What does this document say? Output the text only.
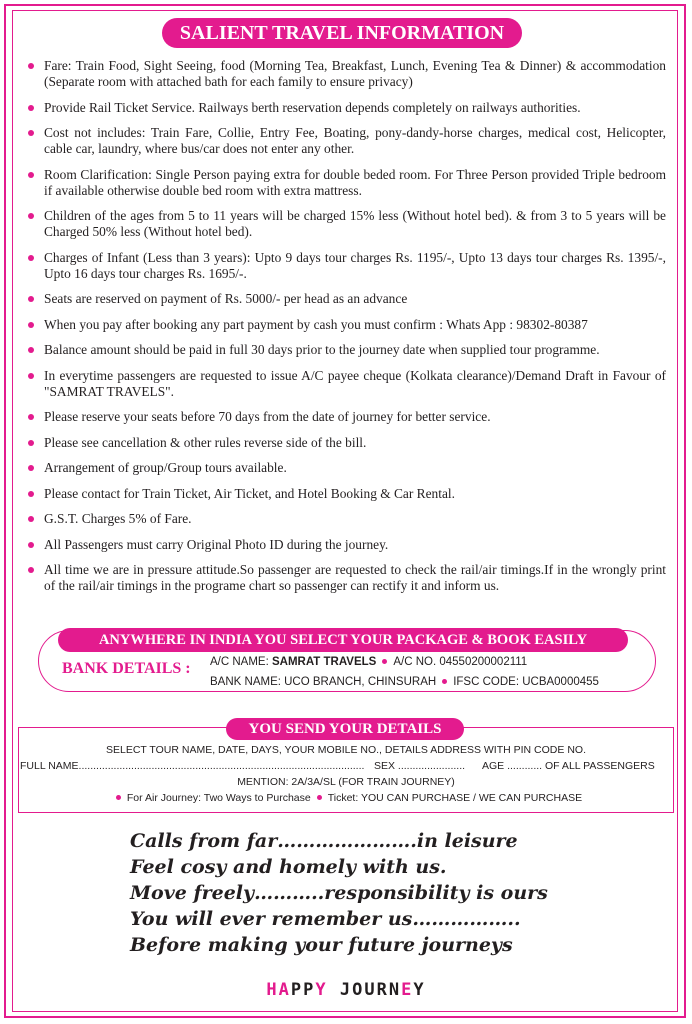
SALIENT TRAVEL INFORMATION
Fare: Train Food, Sight Seeing, food (Morning Tea, Breakfast, Lunch, Evening Tea & Dinner) & accommodation (Separate room with attached bath for each family to ensure privacy)
Provide Rail Ticket Service. Railways berth reservation depends completely on railways authorities.
Cost not includes: Train Fare, Collie, Entry Fee, Boating, pony-dandy-horse charges, medical cost, Helicopter, cable car, laundry, where bus/car does not enter any other.
Room Clarification: Single Person paying extra for double beded room. For Three Person provided Triple bedroom if available otherwise double bed room with extra mattress.
Children of the ages from 5 to 11 years will be charged 15% less (Without hotel bed). & from 3 to 5 years will be Charged 50% less (Without hotel bed).
Charges of Infant (Less than 3 years): Upto 9 days tour charges Rs. 1195/-, Upto 13 days tour charges Rs. 1395/-, Upto 16 days tour charges Rs. 1695/-.
Seats are reserved on payment of Rs. 5000/- per head as an advance
When you pay after booking any part payment by cash you must confirm : Whats App : 98302-80387
Balance amount should be paid in full 30 days prior to the journey date when supplied tour programme.
In everytime passengers are requested to issue A/C payee cheque (Kolkata clearance)/Demand Draft in Favour of "SAMRAT TRAVELS".
Please reserve your seats before 70 days from the date of journey for better service.
Please see cancellation & other rules reverse side of the bill.
Arrangement of group/Group tours available.
Please contact for Train Ticket, Air Ticket, and Hotel Booking & Car Rental.
G.S.T. Charges 5% of Fare.
All Passengers must carry Original Photo ID during the journey.
All time we are in pressure attitude.So passenger are requested to check the rail/air timings.If in the wrongly print of the rail/air timings in the programe chart so passenger can rectify it and inform us.
ANYWHERE IN INDIA YOU SELECT YOUR PACKAGE & BOOK EASILY
BANK DETAILS : A/C NAME: SAMRAT TRAVELS A/C NO. 04550200002111
BANK NAME: UCO BRANCH, CHINSURAH IFSC CODE: UCBA0000455
YOU SEND YOUR DETAILS
SELECT TOUR NAME, DATE, DAYS, YOUR MOBILE NO., DETAILS ADDRESS WITH PIN CODE NO.
FULL NAME.................................................................................................. SEX ....................... AGE ............ OF ALL PASSENGERS
MENTION: 2A/3A/SL (FOR TRAIN JOURNEY)
For Air Journey: Two Ways to Purchase Ticket: YOU CAN PURCHASE / WE CAN PURCHASE
Calls from far………………….in leisure
Feel cosy and homely with us.
Move freely………..responsibility is ours
You will ever remember us……………..
Before making your future journeys
HAPPY JOURNEY
